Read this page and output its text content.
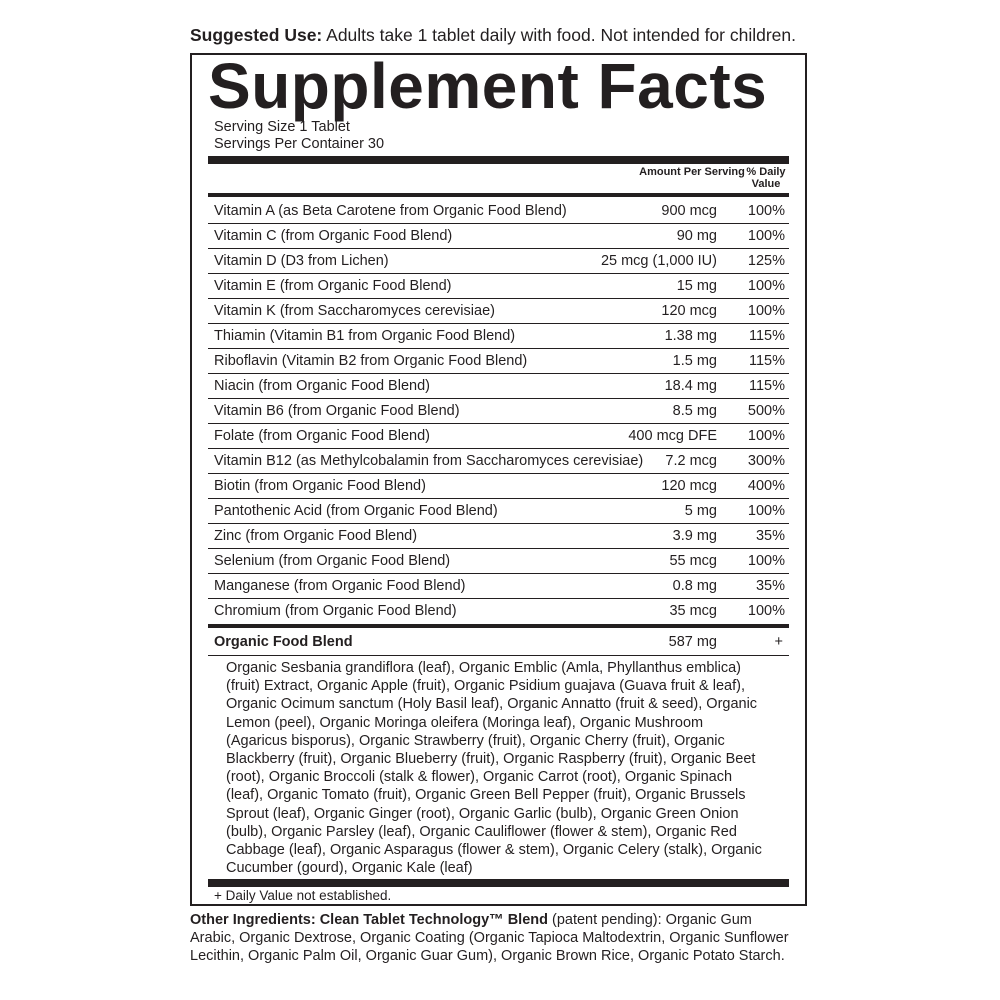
Suggested Use: Adults take 1 tablet daily with food. Not intended for children.
Supplement Facts
Serving Size 1 Tablet
Servings Per Container 30
Amount Per Serving % Daily Value
Vitamin A (as Beta Carotene from Organic Food Blend)	900 mcg 100%
Vitamin C (from Organic Food Blend)	90 mg 100%
Vitamin D (D3 from Lichen)	25 mcg (1,000 IU) 125%
Vitamin E (from Organic Food Blend)	15 mg 100%
Vitamin K (from Saccharomyces cerevisiae)	120 mcg 100%
Thiamin (Vitamin B1 from Organic Food Blend)	1.38 mg 115%
Riboflavin (Vitamin B2 from Organic Food Blend)	1.5 mg 115%
Niacin (from Organic Food Blend)	18.4 mg 115%
Vitamin B6 (from Organic Food Blend)	8.5 mg 500%
Folate (from Organic Food Blend)	400 mcg DFE 100%
Vitamin B12 (as Methylcobalamin from Saccharomyces cerevisiae) 7.2 mcg 300%
Biotin (from Organic Food Blend)	120 mcg 400%
Pantothenic Acid (from Organic Food Blend)	5 mg 100%
Zinc (from Organic Food Blend)	3.9 mg	35%
Selenium (from Organic Food Blend)	55 mcg 100%
Manganese (from Organic Food Blend)	0.8 mg	35%
Chromium (from Organic Food Blend)	35 mcg 100%
Organic Food Blend	587 mg	+
Organic Sesbania grandiflora (leaf), Organic Emblic (Amla, Phyllanthus emblica) (fruit) Extract, Organic Apple (fruit), Organic Psidium guajava (Guava fruit & leaf), Organic Ocimum sanctum (Holy Basil leaf), Organic Annatto (fruit & seed), Organic Lemon (peel), Organic Moringa oleifera (Moringa leaf), Organic Mushroom (Agaricus bisporus), Organic Strawberry (fruit), Organic Cherry (fruit), Organic Blackberry (fruit), Organic Blueberry (fruit), Organic Raspberry (fruit), Organic Beet (root), Organic Broccoli (stalk & flower), Organic Carrot (root), Organic Spinach (leaf), Organic Tomato (fruit), Organic Green Bell Pepper (fruit), Organic Brussels Sprout (leaf), Organic Ginger (root), Organic Garlic (bulb), Organic Green Onion (bulb), Organic Parsley (leaf), Organic Cauliflower (flower & stem), Organic Red Cabbage (leaf), Organic Asparagus (flower & stem), Organic Celery (stalk), Organic Cucumber (gourd), Organic Kale (leaf)
+ Daily Value not established.
Other Ingredients: Clean Tablet Technology™ Blend (patent pending): Organic Gum Arabic, Organic Dextrose, Organic Coating (Organic Tapioca Maltodextrin, Organic Sunflower Lecithin, Organic Palm Oil, Organic Guar Gum), Organic Brown Rice, Organic Potato Starch.
